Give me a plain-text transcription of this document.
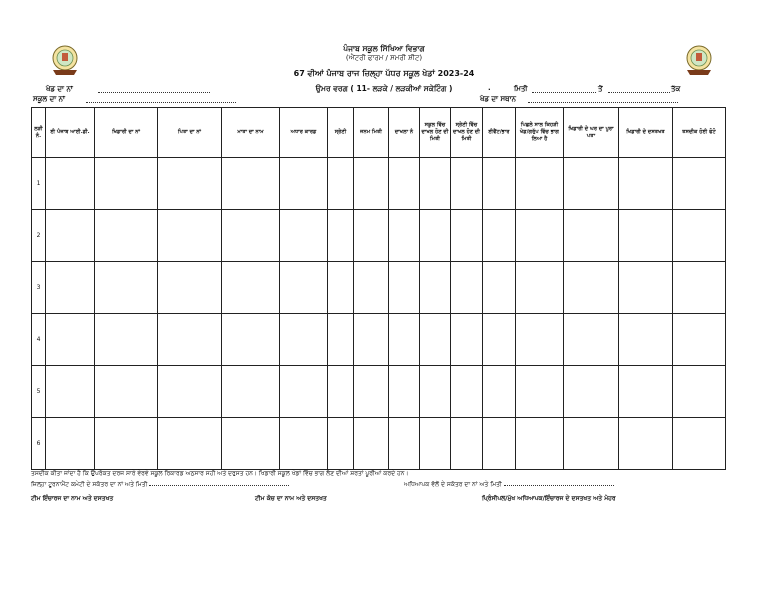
ਪੰਜਾਬ ਸਕੂਲ ਸਿੱਖਿਆ ਵਿਭਾਗ
(ਐਂਟਰੀ ਫਾਰਮ / ਸਮਰੀ ਸ਼ੀਟ)
67 ਵੀਆਂ ਪੰਜਾਬ ਰਾਜ ਜ਼ਿਲ੍ਹਾ ਪੱਧਰ ਸਕੂਲ ਖੇਡਾਂ 2023-24
ਉਮਰ ਵਰਗ ( 11- ਲੜਕੇ / ਲੜਕੀਆਂ ਸਕੇਟਿੰਗ )
ਖੇਡ ਦਾ ਨਾਂ	.	ਮਿਤੀ	ਤੋਂ	ਤੱਕ
ਸਕੂਲ ਦਾ ਨਾਂ	ਖੇਡ ਦਾ ਸਥਾਨ
ਲੜੀ ਨੰ.	ਈ ਪੰਜਾਬ ਆਈ.ਡੀ.	ਖਿਡਾਰੀ ਦਾ ਨਾਂ	ਪਿਤਾ ਦਾ ਨਾਂ	ਮਾਤਾ ਦਾ ਨਾਮ	ਅਧਾਰ ਕਾਰਡ	ਸ੍ਰੇਣੀ	ਜਨਮ ਮਿਤੀ	ਦਾਖਲਾ ਨੰ	ਸਕੂਲ ਵਿੱਚ ਦਾਖਲ ਹੋਣ ਦੀ ਮਿਤੀ	ਸ੍ਰੇਣੀ ਵਿੱਚ ਦਾਖਲ ਹੋਣ ਦੀ ਮਿਤੀ	ਈਵੈਂਟ/ਭਾਰ	ਪਿਛਲੇ ਸਾਲ ਕਿਹੜੀ ਖੇਡ/ਗਰੁੱਪ ਵਿੱਚ ਭਾਗ ਲਿਆ ਹੈ	ਖਿਡਾਰੀ ਦੇ ਘਰ ਦਾ ਪੂਰਾ ਪਤਾ	ਖਿਡਾਰੀ ਦੇ ਦਸਤਖਤ	ਤਸਦੀਕ ਹੋਈ ਫੋਟੋ
1															
2															
3															
4															
5															
6															
ਤਸਦੀਕ ਕੀਤਾ ਜਾਂਦਾ ਹੈ ਕਿ ਉਪਰੋਕਤ ਦਰਜ ਸਾਰੇ ਵੇਰਵੇ ਸਕੂਲ ਰਿਕਾਰਡ ਅਨੁਸਾਰ ਸਹੀ ਅਤੇ ਦਰੁਸਤ ਹਨ। ਖਿਡਾਰੀ ਸਕੂਲ ਖੇਡਾਂ ਵਿੱਚ ਭਾਗ ਲੈਣ ਦੀਆਂ ਸ਼ਰਤਾਂ ਪੂਰੀਆਂ ਕਰਦੇ ਹਨ।
ਜ਼ਿਲ੍ਹਾ ਟੂਰਨਾਮੈਂਟ ਕਮੇਟੀ ਦੇ ਸਕੱਤਰ ਦਾ ਨਾਂ ਅਤੇ ਮਿਤੀ	ਅਧਿਆਪਕ ਵੱਲੋਂ ਦੇ ਸਕੱਤਰ ਦਾ ਨਾਂ ਅਤੇ ਮਿਤੀ
ਟੀਮ ਇੰਚਾਰਜ ਦਾ ਨਾਮ ਅਤੇ ਦਸਤਖਤ	ਟੀਮ ਕੋਚ ਦਾ ਨਾਮ ਅਤੇ ਦਸਤਖਤ	ਪ੍ਰਿੰਸੀਪਲ/ਮੁੱਖ ਅਧਿਆਪਕ/ਇੰਚਾਰਜ ਦੇ ਦਸਤਖਤ ਅਤੇ ਮੋਹਰ
